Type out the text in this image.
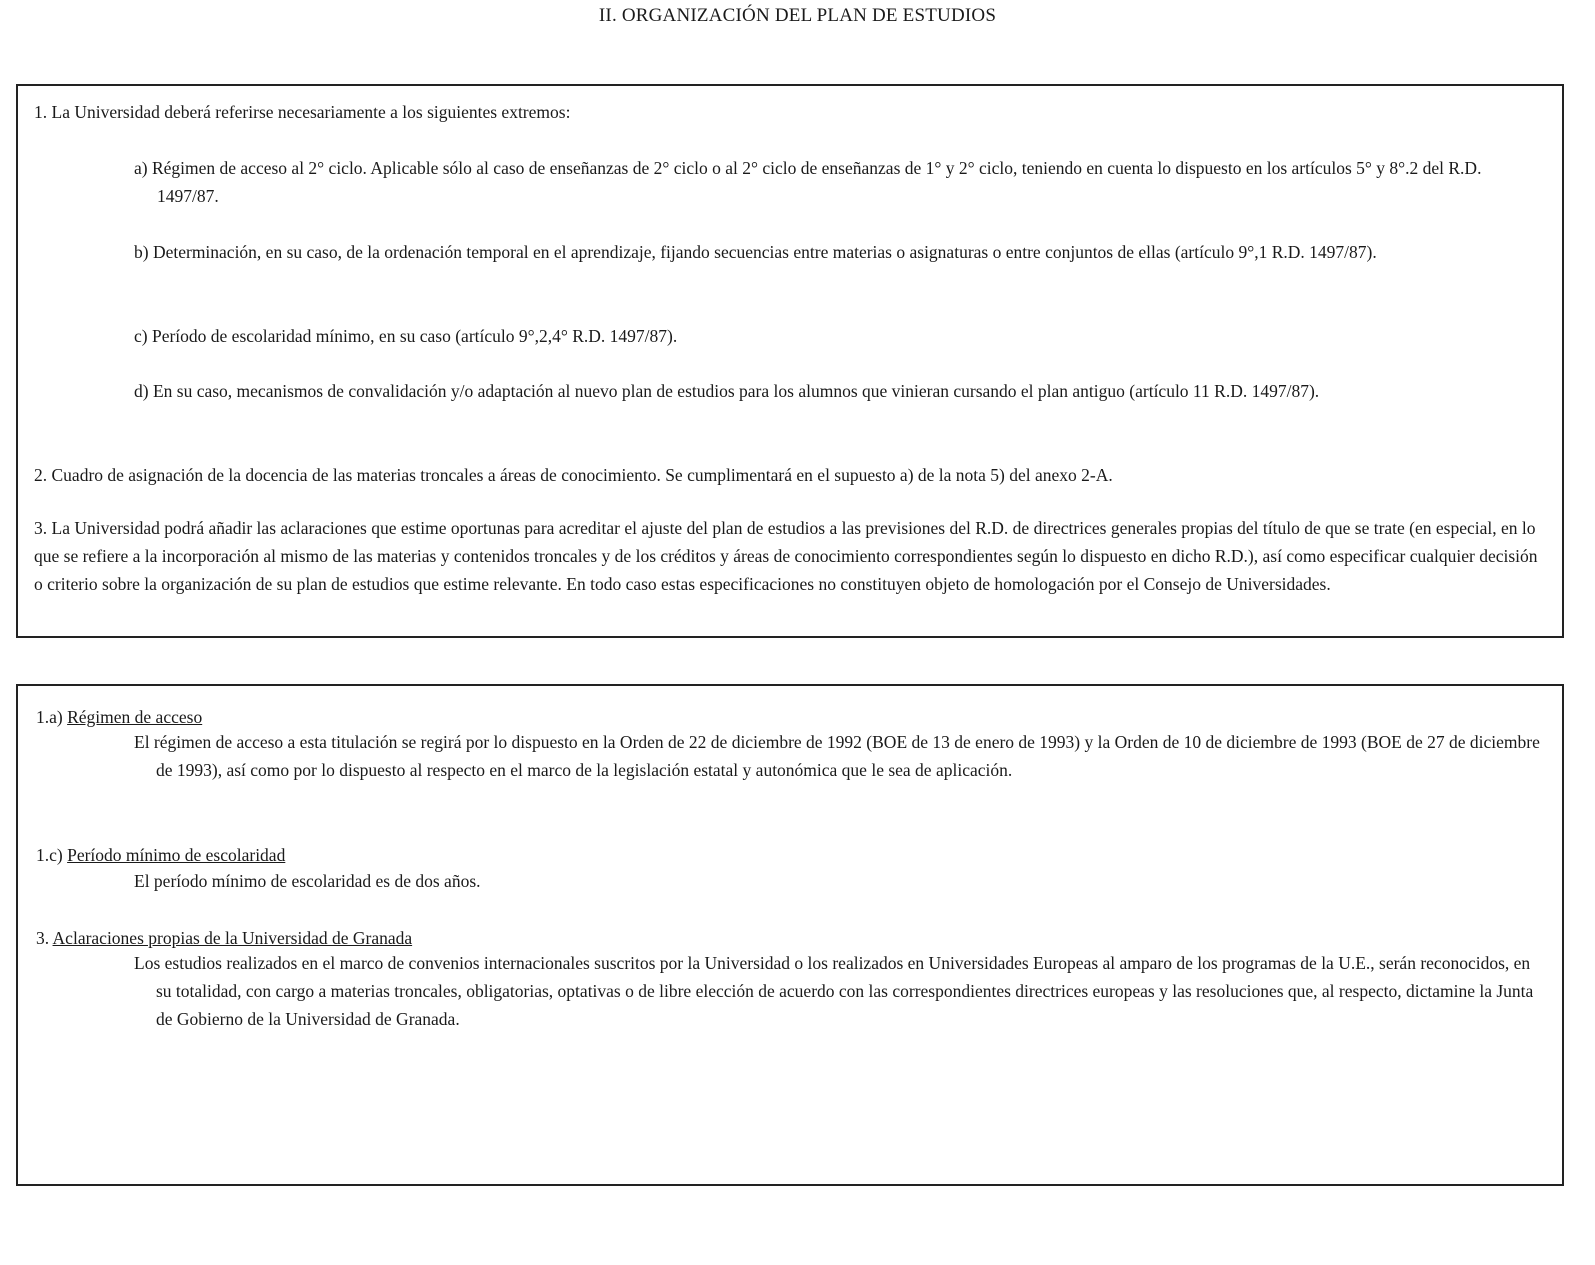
II. ORGANIZACIÓN DEL PLAN DE ESTUDIOS
1. La Universidad deberá referirse necesariamente a los siguientes extremos:
a) Régimen de acceso al 2° ciclo. Aplicable sólo al caso de enseñanzas de 2° ciclo o al 2° ciclo de enseñanzas de 1° y 2° ciclo, teniendo en cuenta lo dispuesto en los artículos 5° y 8°.2 del R.D. 1497/87.
b) Determinación, en su caso, de la ordenación temporal en el aprendizaje, fijando secuencias entre materias o asignaturas o entre conjuntos de ellas (artículo 9°,1 R.D. 1497/87).
c) Período de escolaridad mínimo, en su caso (artículo 9°,2,4° R.D. 1497/87).
d) En su caso, mecanismos de convalidación y/o adaptación al nuevo plan de estudios para los alumnos que vinieran cursando el plan antiguo (artículo 11 R.D. 1497/87).
2. Cuadro de asignación de la docencia de las materias troncales a áreas de conocimiento. Se cumplimentará en el supuesto a) de la nota 5) del anexo 2-A.
3. La Universidad podrá añadir las aclaraciones que estime oportunas para acreditar el ajuste del plan de estudios a las previsiones del R.D. de directrices generales propias del título de que se trate (en especial, en lo que se refiere a la incorporación al mismo de las materias y contenidos troncales y de los créditos y áreas de conocimiento correspondientes según lo dispuesto en dicho R.D.), así como especificar cualquier decisión o criterio sobre la organización de su plan de estudios que estime relevante. En todo caso estas especificaciones no constituyen objeto de homologación por el Consejo de Universidades.
1.a) Régimen de acceso
El régimen de acceso a esta titulación se regirá por lo dispuesto en la Orden de 22 de diciembre de 1992 (BOE de 13 de enero de 1993) y la Orden de 10 de diciembre de 1993 (BOE de 27 de diciembre de 1993), así como por lo dispuesto al respecto en el marco de la legislación estatal y autonómica que le sea de aplicación.
1.c) Período mínimo de escolaridad
El período mínimo de escolaridad es de dos años.
3. Aclaraciones propias de la Universidad de Granada
Los estudios realizados en el marco de convenios internacionales suscritos por la Universidad o los realizados en Universidades Europeas al amparo de los programas de la U.E., serán reconocidos, en su totalidad, con cargo a materias troncales, obligatorias, optativas o de libre elección de acuerdo con las correspondientes directrices europeas y las resoluciones que, al respecto, dictamine la Junta de Gobierno de la Universidad de Granada.
